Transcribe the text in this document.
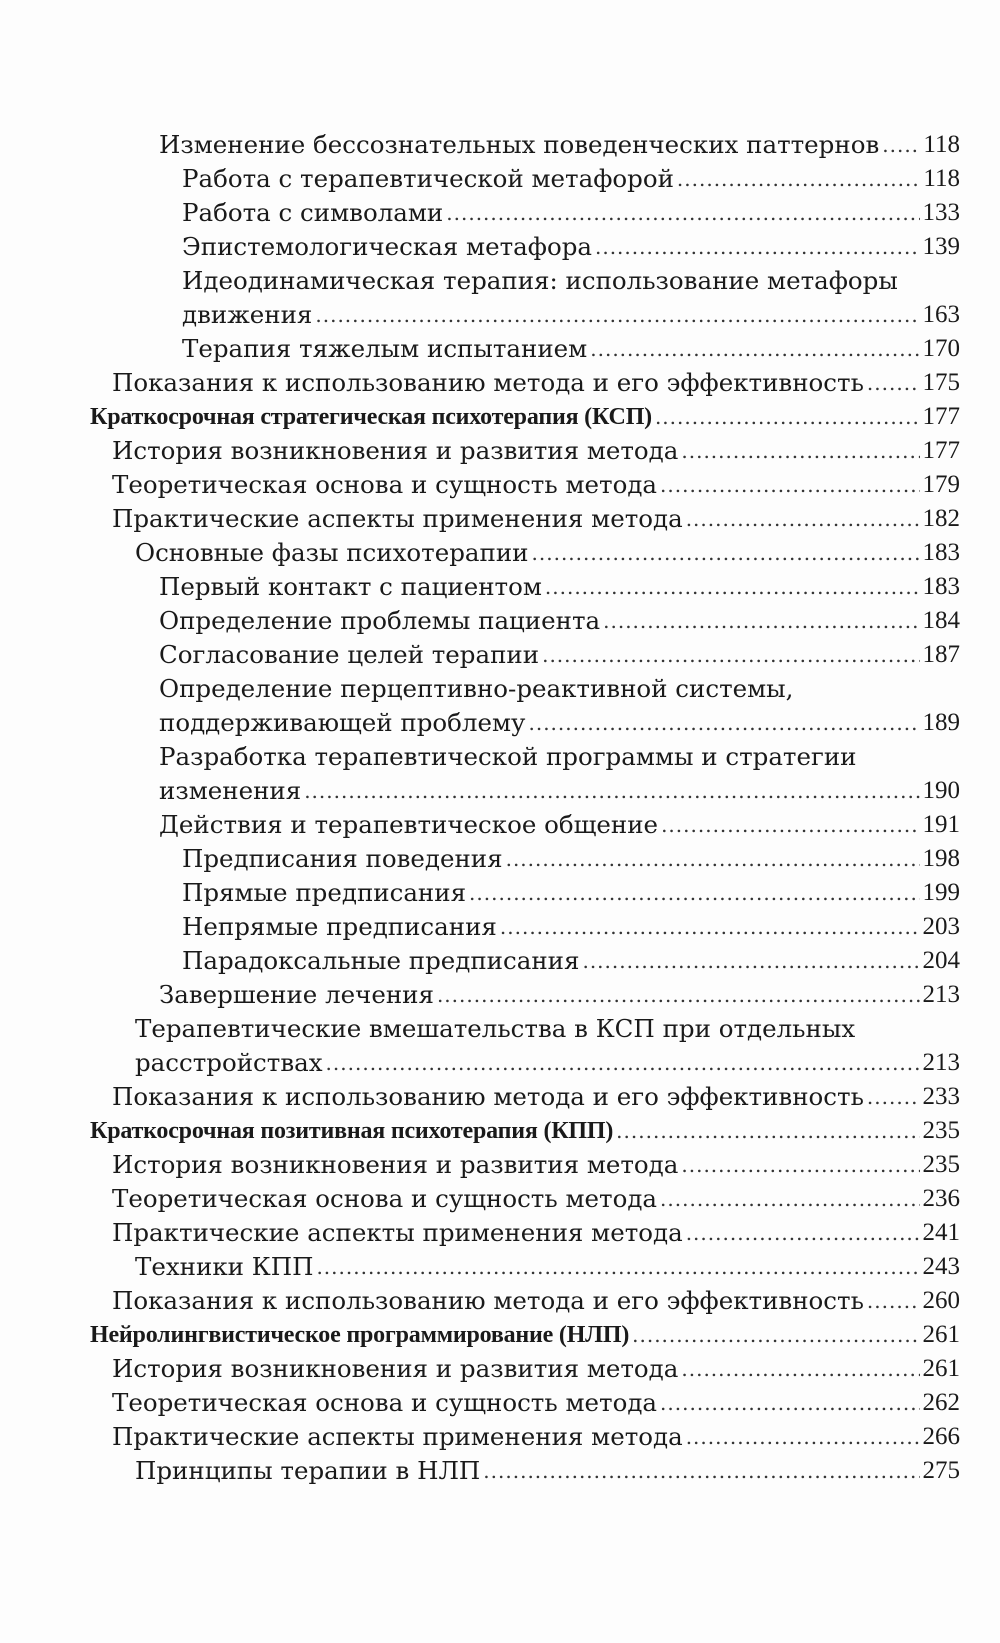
Изменение бессознательных поведенческих паттернов ..... 118
Работа с терапевтической метафорой .....	118
Работа с символами .....	133
Эпистемологическая метафора .....	139
Идеодинамическая терапия: использование метафоры
движения .....	163
Терапия тяжелым испытанием .....	170
Показания к использованию метода и его эффективность ..... 175
Краткосрочная стратегическая психотерапия (КСП) .....	177
История возникновения и развития метода .....	177
Теоретическая основа и сущность метода .....	179
Практические аспекты применения метода .....	182
Основные фазы психотерапии .....	183
Первый контакт с пациентом .....	183
Определение проблемы пациента .....	184
Согласование целей терапии .....	187
Определение перцептивно-реактивной системы,
поддерживающей проблему .....	189
Разработка терапевтической программы и стратегии
изменения .....	190
Действия и терапевтическое общение .....	191
Предписания поведения .....	198
Прямые предписания .....	199
Непрямые предписания .....	203
Парадоксальные предписания .....	204
Завершение лечения .....	213
Терапевтические вмешательства в КСП при отдельных
расстройствах .....	213
Показания к использованию метода и его эффективность ..... 233
Краткосрочная позитивная психотерапия (КПП) .....	235
История возникновения и развития метода .....	235
Теоретическая основа и сущность метода .....	236
Практические аспекты применения метода .....	241
Техники КПП .....	243
Показания к использованию метода и его эффективность ..... 260
Нейролингвистическое программирование (НЛП) .....	261
История возникновения и развития метода .....	261
Теоретическая основа и сущность метода .....	262
Практические аспекты применения метода .....	266
Принципы терапии в НЛП .....	275
